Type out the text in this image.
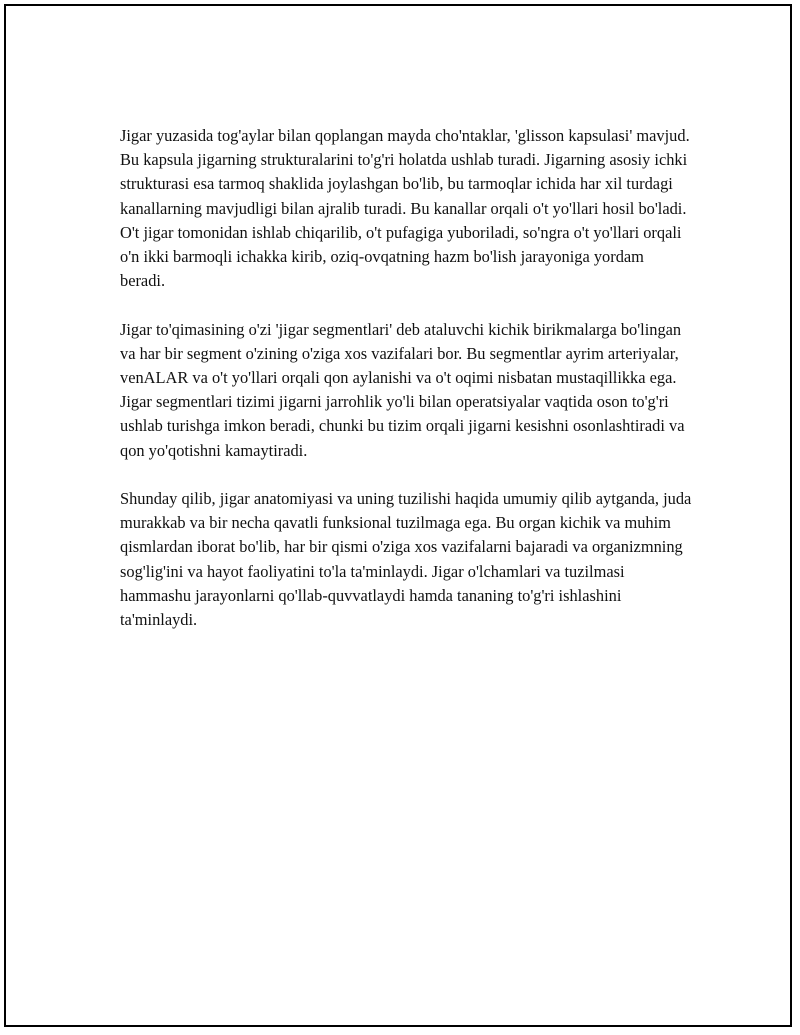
Jigar yuzasida tog'aylar bilan qoplangan mayda cho'ntaklar, 'glisson kapsulasi' mavjud. Bu kapsula jigarning strukturalarini to'g'ri holatda ushlab turadi. Jigarning asosiy ichki strukturasi esa tarmoq shaklida joylashgan bo'lib, bu tarmoqlar ichida har xil turdagi kanallarning mavjudligi bilan ajralib turadi. Bu kanallar orqali o't yo'llari hosil bo'ladi. O't jigar tomonidan ishlab chiqarilib, o't pufagiga yuboriladi, so'ngra o't yo'llari orqali o'n ikki barmoqli ichakka kirib, oziq-ovqatning hazm bo'lish jarayoniga yordam beradi.

Jigar to'qimasining o'zi 'jigar segmentlari' deb ataluvchi kichik birikmalarga bo'lingan va har bir segment o'zining o'ziga xos vazifalari bor. Bu segmentlar ayrim arteriyalar, venALAR va o't yo'llari orqali qon aylanishi va o't oqimi nisbatan mustaqillikka ega. Jigar segmentlari tizimi jigarni jarrohlik yo'li bilan operatsiyalar vaqtida oson to'g'ri ushlab turishga imkon beradi, chunki bu tizim orqali jigarni kesishni osonlashtiradi va qon yo'qotishni kamaytiradi.

Shunday qilib, jigar anatomiyasi va uning tuzilishi haqida umumiy qilib aytganda, juda murakkab va bir necha qavatli funksional tuzilmaga ega. Bu organ kichik va muhim qismlardan iborat bo'lib, har bir qismi o'ziga xos vazifalarni bajaradi va organizmning sog'lig'ini va hayot faoliyatini to'la ta'minlaydi. Jigar o'lchamlari va tuzilmasi hammashu jarayonlarni qo'llab-quvvatlaydi hamda tananing to'g'ri ishlashini ta'minlaydi.
